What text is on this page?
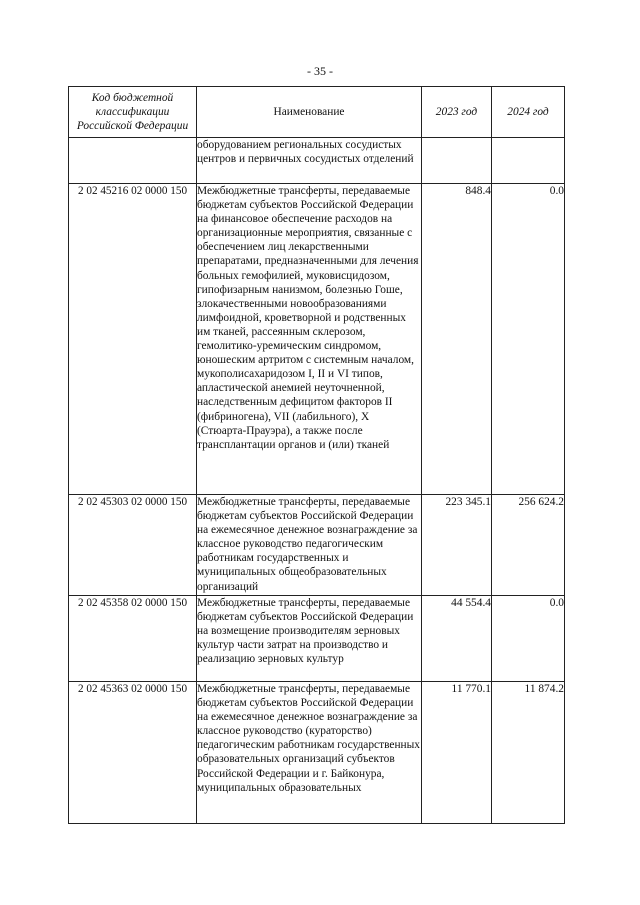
- 35 -
Код бюджетной классификации Российской Федерации	Наименование	2023 год	2024 год
	оборудованием региональных сосудистых центров и первичных сосудистых отделений		
2 02 45216 02 0000 150	Межбюджетные трансферты, передаваемые бюджетам субъектов Российской Федерации на финансовое обеспечение расходов на организационные мероприятия, связанные с обеспечением лиц лекарственными препаратами, предназначенными для лечения больных гемофилией, муковисцидозом, гипофизарным нанизмом, болезнью Гоше, злокачественными новообразованиями лимфоидной, кроветворной и родственных им тканей, рассеянным склерозом, гемолитико-уремическим синдромом, юношеским артритом с системным началом, мукополисахаридозом I, II и VI типов, апластической анемией неуточненной, наследственным дефицитом факторов II (фибриногена), VII (лабильного), X (Стюарта-Прауэра), а также после трансплантации органов и (или) тканей	848.4	0.0
2 02 45303 02 0000 150	Межбюджетные трансферты, передаваемые бюджетам субъектов Российской Федерации на ежемесячное денежное вознаграждение за классное руководство педагогическим работникам государственных и муниципальных общеобразовательных организаций	223 345.1	256 624.2
2 02 45358 02 0000 150	Межбюджетные трансферты, передаваемые бюджетам субъектов Российской Федерации на возмещение производителям зерновых культур части затрат на производство и реализацию зерновых культур	44 554.4	0.0
2 02 45363 02 0000 150	Межбюджетные трансферты, передаваемые бюджетам субъектов Российской Федерации на ежемесячное денежное вознаграждение за классное руководство (кураторство) педагогическим работникам государственных образовательных организаций субъектов Российской Федерации и г. Байконура, муниципальных образовательных	11 770.1	11 874.2
